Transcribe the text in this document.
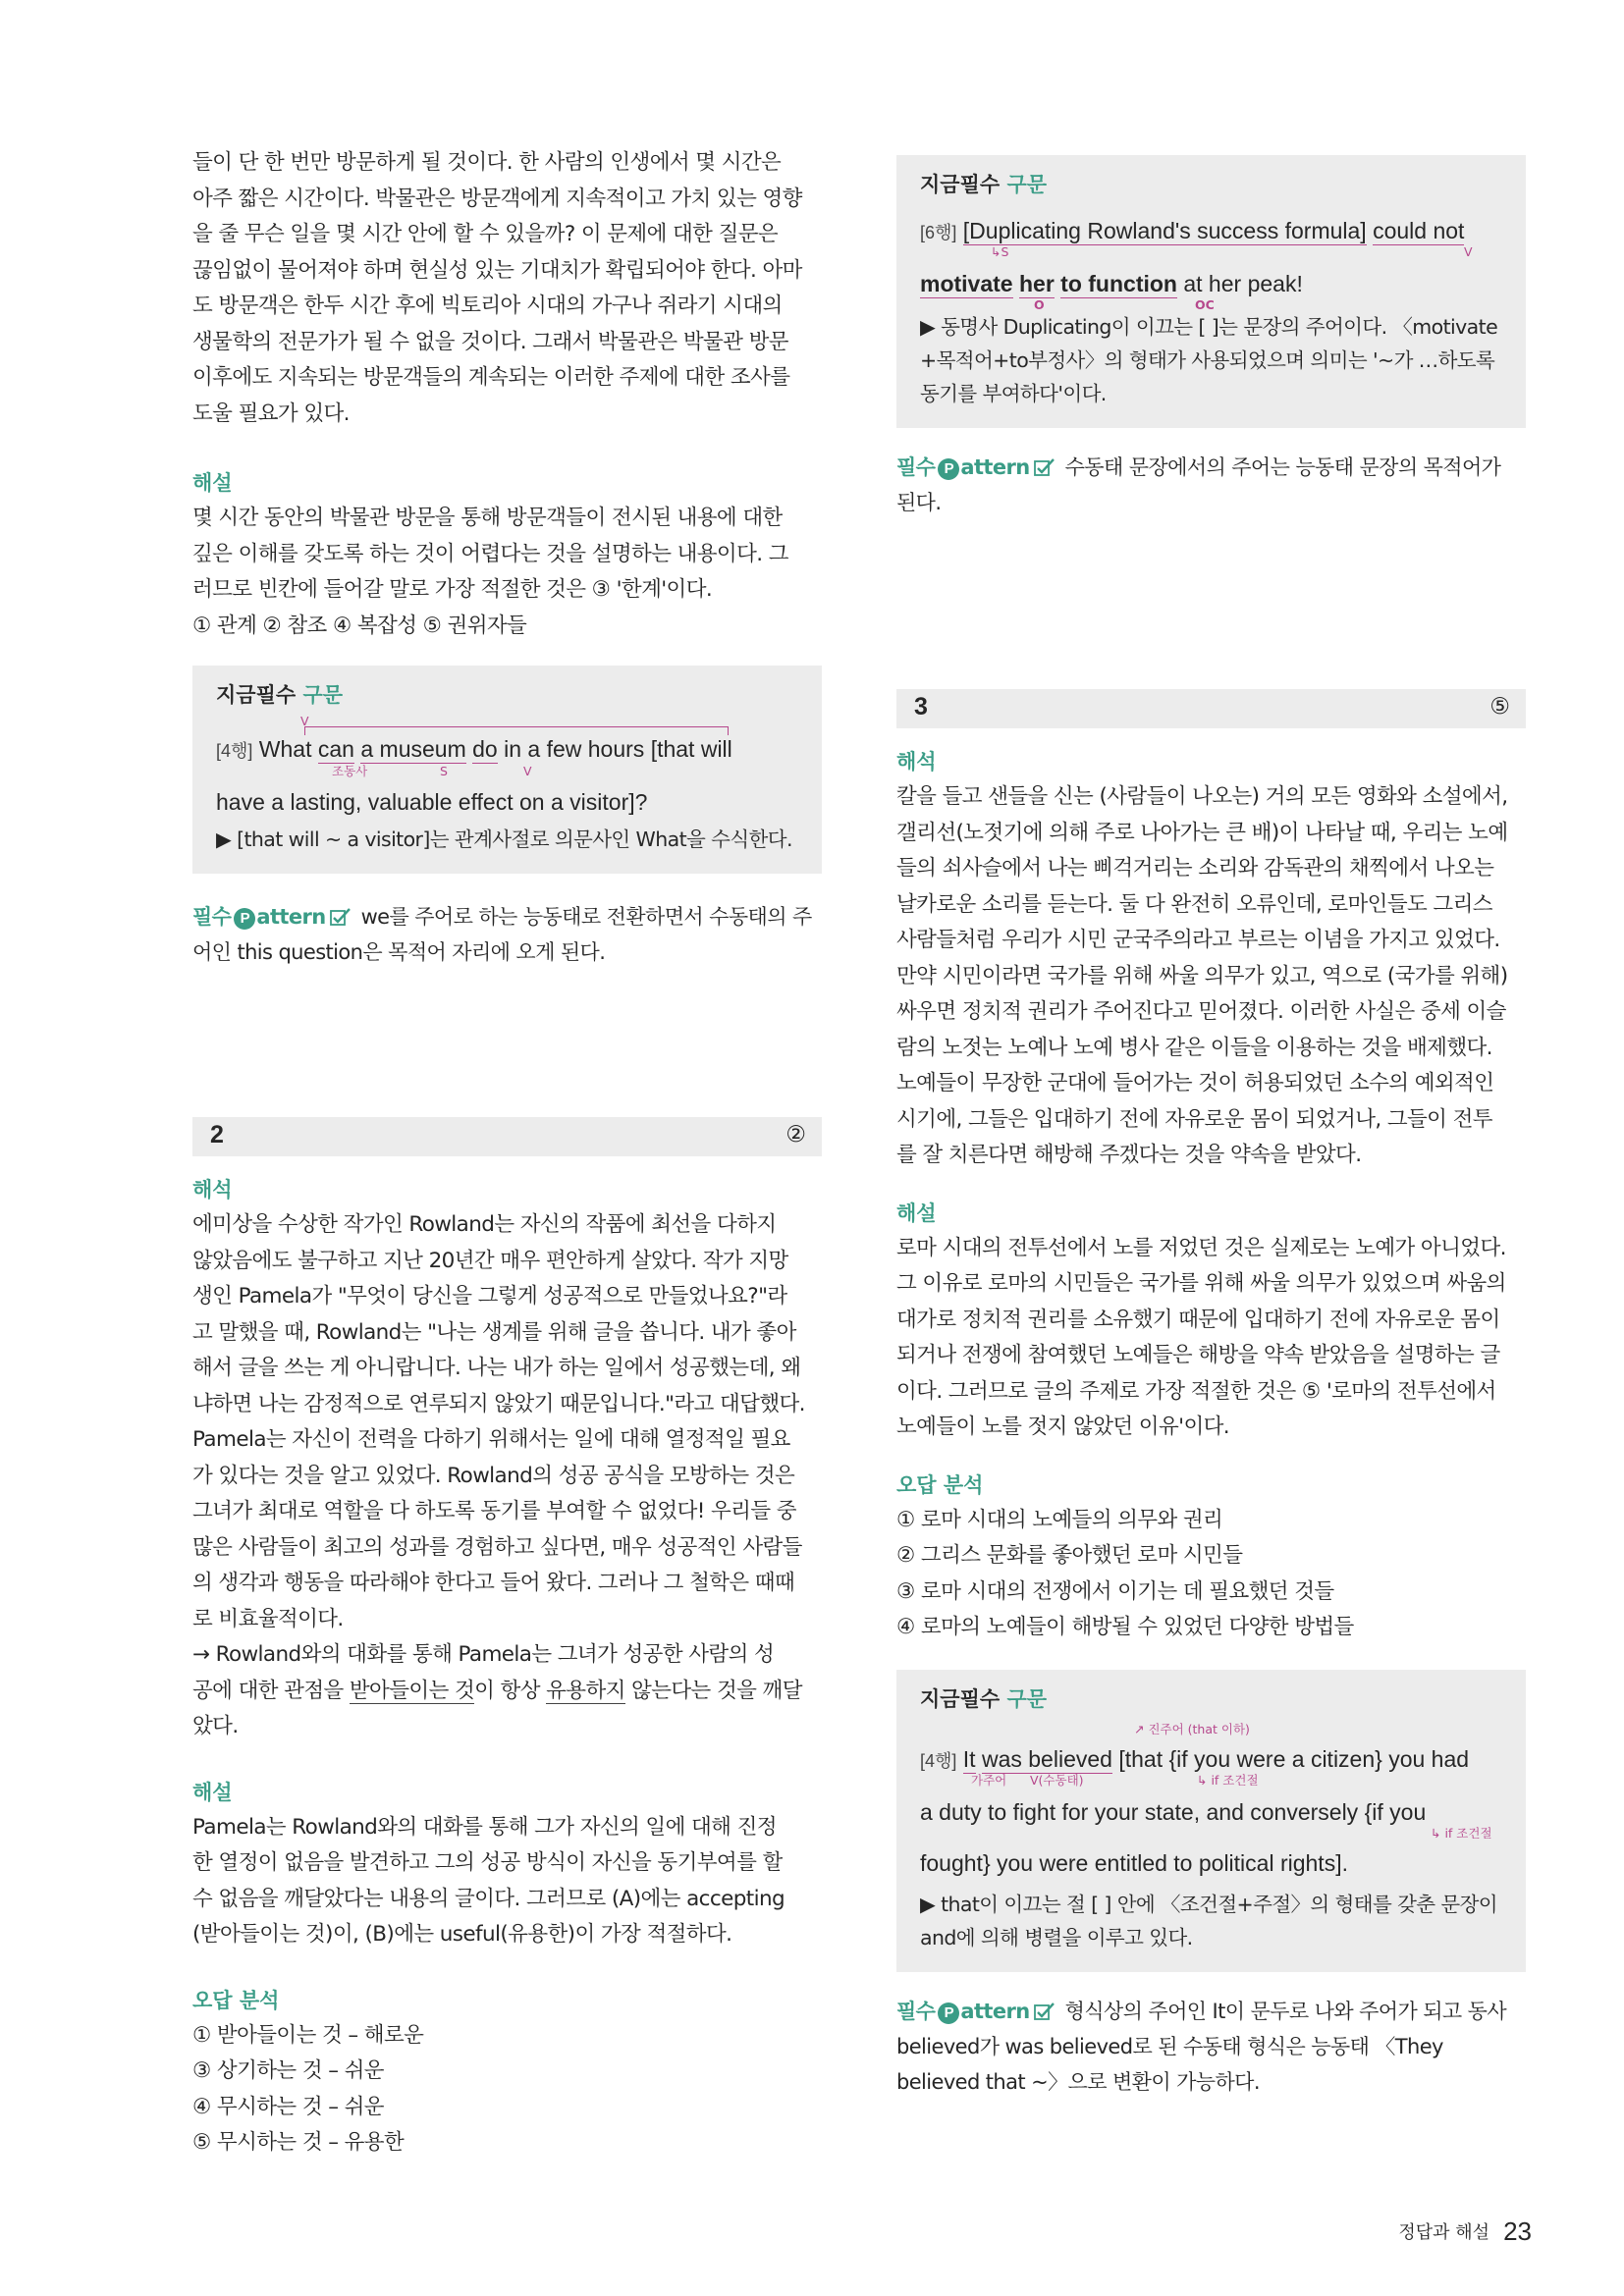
들이 단 한 번만 방문하게 될 것이다. 한 사람의 인생에서 몇 시간은

아주 짧은 시간이다. 박물관은 방문객에게 지속적이고 가치 있는 영향

을 줄 무슨 일을 몇 시간 안에 할 수 있을까? 이 문제에 대한 질문은

끊임없이 물어져야 하며 현실성 있는 기대치가 확립되어야 한다. 아마

도 방문객은 한두 시간 후에 빅토리아 시대의 가구나 쥐라기 시대의

생물학의 전문가가 될 수 없을 것이다. 그래서 박물관은 박물관 방문

이후에도 지속되는 방문객들의 계속되는 이러한 주제에 대한 조사를

도울 필요가 있다.

해설

몇 시간 동안의 박물관 방문을 통해 방문객들이 전시된 내용에 대한

깊은 이해를 갖도록 하는 것이 어렵다는 것을 설명하는 내용이다. 그

러므로 빈칸에 들어갈 말로 가장 적절한 것은 ③ '한계'이다.

① 관계 ② 참조 ④ 복잡성 ⑤ 권위자들

지금필수 구문

V
[4행] What can a museum do in a few hours [that will
조동사	S	V

have a lasting, valuable effect on a visitor]?

▶ [that will ~ a visitor]는 관계사절로 의문사인 What을 수식한다.

필수 P attern we를 주어로 하는 능동태로 전환하면서 수동태의 주
어인 this question은 목적어 자리에 오게 된다.
2	②

해석

에미상을 수상한 작가인 Rowland는 자신의 작품에 최선을 다하지

않았음에도 불구하고 지난 20년간 매우 편안하게 살았다. 작가 지망

생인 Pamela가 "무엇이 당신을 그렇게 성공적으로 만들었나요?"라

고 말했을 때, Rowland는 "나는 생계를 위해 글을 씁니다. 내가 좋아

해서 글을 쓰는 게 아니랍니다. 나는 내가 하는 일에서 성공했는데, 왜

냐하면 나는 감정적으로 연루되지 않았기 때문입니다."라고 대답했다.

Pamela는 자신이 전력을 다하기 위해서는 일에 대해 열정적일 필요

가 있다는 것을 알고 있었다. Rowland의 성공 공식을 모방하는 것은

그녀가 최대로 역할을 다 하도록 동기를 부여할 수 없었다! 우리들 중

많은 사람들이 최고의 성과를 경험하고 싶다면, 매우 성공적인 사람들

의 생각과 행동을 따라해야 한다고 들어 왔다. 그러나 그 철학은 때때

로 비효율적이다.

→ Rowland와의 대화를 통해 Pamela는 그녀가 성공한 사람의 성

공에 대한 관점을 받아들이는 것이 항상 유용하지 않는다는 것을 깨달

았다.

해설

Pamela는 Rowland와의 대화를 통해 그가 자신의 일에 대해 진정

한 열정이 없음을 발견하고 그의 성공 방식이 자신을 동기부여를 할

수 없음을 깨달았다는 내용의 글이다. 그러므로 (A)에는 accepting

(받아들이는 것)이, (B)에는 useful(유용한)이 가장 적절하다.

오답 분석

① 받아들이는 것 – 해로운
③ 상기하는 것 – 쉬운
④ 무시하는 것 – 쉬운
⑤ 무시하는 것 – 유용한

지금필수 구문

[6행] [Duplicating Rowland's success formula] could not
↳S	V

motivate her to function at her peak!
O	OC

▶ 동명사 Duplicating이 이끄는 [ ]는 문장의 주어이다. 〈motivate

+목적어+to부정사〉의 형태가 사용되었으며 의미는 '~가 …하도록

동기를 부여하다'이다.

필수 P attern 수동태 문장에서의 주어는 능동태 문장의 목적어가
된다.
3	⑤

해석

칼을 들고 샌들을 신는 (사람들이 나오는) 거의 모든 영화와 소설에서,

갤리선(노젓기에 의해 주로 나아가는 큰 배)이 나타날 때, 우리는 노예

들의 쇠사슬에서 나는 삐걱거리는 소리와 감독관의 채찍에서 나오는

날카로운 소리를 듣는다. 둘 다 완전히 오류인데, 로마인들도 그리스

사람들처럼 우리가 시민 군국주의라고 부르는 이념을 가지고 있었다.

만약 시민이라면 국가를 위해 싸울 의무가 있고, 역으로 (국가를 위해)

싸우면 정치적 권리가 주어진다고 믿어졌다. 이러한 사실은 중세 이슬

람의 노젓는 노예나 노예 병사 같은 이들을 이용하는 것을 배제했다.

노예들이 무장한 군대에 들어가는 것이 허용되었던 소수의 예외적인

시기에, 그들은 입대하기 전에 자유로운 몸이 되었거나, 그들이 전투

를 잘 치른다면 해방해 주겠다는 것을 약속을 받았다.

해설

로마 시대의 전투선에서 노를 저었던 것은 실제로는 노예가 아니었다.

그 이유로 로마의 시민들은 국가를 위해 싸울 의무가 있었으며 싸움의

대가로 정치적 권리를 소유했기 때문에 입대하기 전에 자유로운 몸이

되거나 전쟁에 참여했던 노예들은 해방을 약속 받았음을 설명하는 글

이다. 그러므로 글의 주제로 가장 적절한 것은 ⑤ '로마의 전투선에서

노예들이 노를 젓지 않았던 이유'이다.

오답 분석

① 로마 시대의 노예들의 의무와 권리
② 그리스 문화를 좋아했던 로마 시민들
③ 로마 시대의 전쟁에서 이기는 데 필요했던 것들
④ 로마의 노예들이 해방될 수 있었던 다양한 방법들

지금필수 구문

↗ 진주어 (that 이하)
[4행] It was believed [that {if you were a citizen} you had
가주어 V(수동태)	↳ if 조건절

a duty to fight for your state, and conversely {if you
↳ if 조건절

fought} you were entitled to political rights].

▶ that이 이끄는 절 [ ] 안에 〈조건절+주절〉의 형태를 갖춘 문장이

and에 의해 병렬을 이루고 있다.

필수 P attern 형식상의 주어인 It이 문두로 나와 주어가 되고 동사
believed가 was believed로 된 수동태 형식은 능동태 〈They
believed that ~〉으로 변환이 가능하다.
정답과 해설 23
